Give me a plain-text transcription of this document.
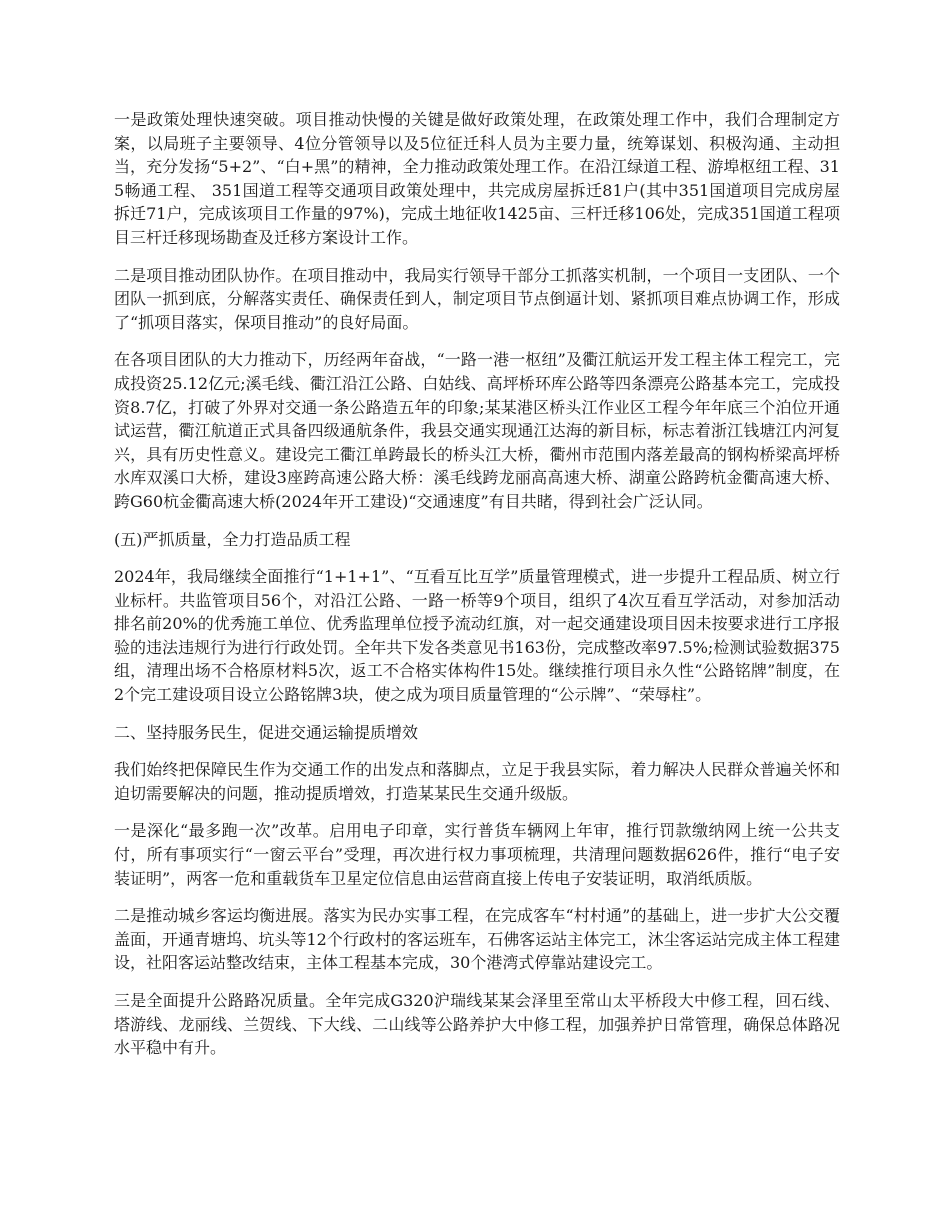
一是政策处理快速突破。项目推动快慢的关键是做好政策处理，在政策处理工作中，我们合理制定方案，以局班子主要领导、4位分管领导以及5位征迁科人员为主要力量，统筹谋划、积极沟通、主动担当，充分发扬“5+2”、“白+黑”的精神，全力推动政策处理工作。在沿江绿道工程、游埠枢纽工程、315畅通工程、 351国道工程等交通项目政策处理中，共完成房屋拆迁81户(其中351国道项目完成房屋拆迁71户，完成该项目工作量的97%)，完成土地征收1425亩、三杆迁移106处，完成351国道工程项目三杆迁移现场勘查及迁移方案设计工作。

二是项目推动团队协作。在项目推动中，我局实行领导干部分工抓落实机制，一个项目一支团队、一个团队一抓到底，分解落实责任、确保责任到人，制定项目节点倒逼计划、紧抓项目难点协调工作，形成了“抓项目落实，保项目推动”的良好局面。

在各项目团队的大力推动下，历经两年奋战，“一路一港一枢纽”及衢江航运开发工程主体工程完工，完成投资25.12亿元;溪毛线、衢江沿江公路、白姑线、高坪桥环库公路等四条漂亮公路基本完工，完成投资8.7亿，打破了外界对交通一条公路造五年的印象;某某港区桥头江作业区工程今年年底三个泊位开通试运营，衢江航道正式具备四级通航条件，我县交通实现通江达海的新目标，标志着浙江钱塘江内河复兴，具有历史性意义。建设完工衢江单跨最长的桥头江大桥，衢州市范围内落差最高的钢构桥梁高坪桥水库双溪口大桥，建设3座跨高速公路大桥：溪毛线跨龙丽高高速大桥、湖童公路跨杭金衢高速大桥、跨G60杭金衢高速大桥(2024年开工建设)“交通速度”有目共睹，得到社会广泛认同。

(五)严抓质量，全力打造品质工程

2024年，我局继续全面推行“1+1+1”、“互看互比互学”质量管理模式，进一步提升工程品质、树立行业标杆。共监管项目56个，对沿江公路、一路一桥等9个项目，组织了4次互看互学活动，对参加活动排名前20%的优秀施工单位、优秀监理单位授予流动红旗，对一起交通建设项目因未按要求进行工序报验的违法违规行为进行行政处罚。全年共下发各类意见书163份，完成整改率97.5%;检测试验数据375组，清理出场不合格原材料5次，返工不合格实体构件15处。继续推行项目永久性“公路铭牌”制度，在2个完工建设项目设立公路铭牌3块，使之成为项目质量管理的“公示牌”、“荣辱柱”。

二、坚持服务民生，促进交通运输提质增效

我们始终把保障民生作为交通工作的出发点和落脚点，立足于我县实际，着力解决人民群众普遍关怀和迫切需要解决的问题，推动提质增效，打造某某民生交通升级版。

一是深化“最多跑一次”改革。启用电子印章，实行普货车辆网上年审，推行罚款缴纳网上统一公共支付，所有事项实行“一窗云平台”受理，再次进行权力事项梳理，共清理问题数据626件，推行“电子安装证明”，两客一危和重载货车卫星定位信息由运营商直接上传电子安装证明，取消纸质版。

二是推动城乡客运均衡进展。落实为民办实事工程，在完成客车“村村通”的基础上，进一步扩大公交覆盖面，开通青塘坞、坑头等12个行政村的客运班车，石佛客运站主体完工，沐尘客运站完成主体工程建设，社阳客运站整改结束，主体工程基本完成，30个港湾式停靠站建设完工。

三是全面提升公路路况质量。全年完成G320沪瑞线某某会泽里至常山太平桥段大中修工程，回石线、塔游线、龙丽线、兰贺线、下大线、二山线等公路养护大中修工程，加强养护日常管理，确保总体路况水平稳中有升。
